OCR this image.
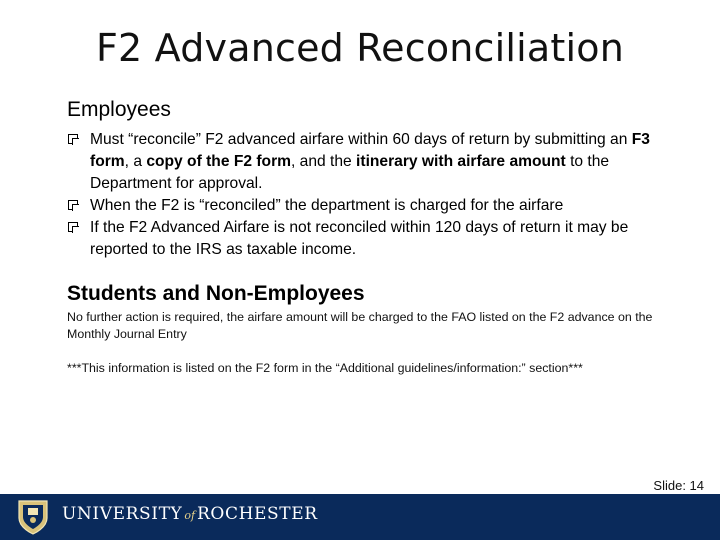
F2 Advanced Reconciliation
Employees
Must “reconcile” F2 advanced airfare within 60 days of return by submitting an F3 form, a copy of the F2 form, and the itinerary with airfare amount to the Department for approval.
When the F2 is “reconciled” the department is charged for the airfare
If the F2 Advanced Airfare is not reconciled within 120 days of return it may be reported to the IRS as taxable income.
Students and Non-Employees
No further action is required, the airfare amount will be charged to the FAO listed on the F2 advance on the Monthly Journal Entry
***This information is listed on the F2 form in the “Additional guidelines/information:” section***
Slide: 14
UNIVERSITY of ROCHESTER
